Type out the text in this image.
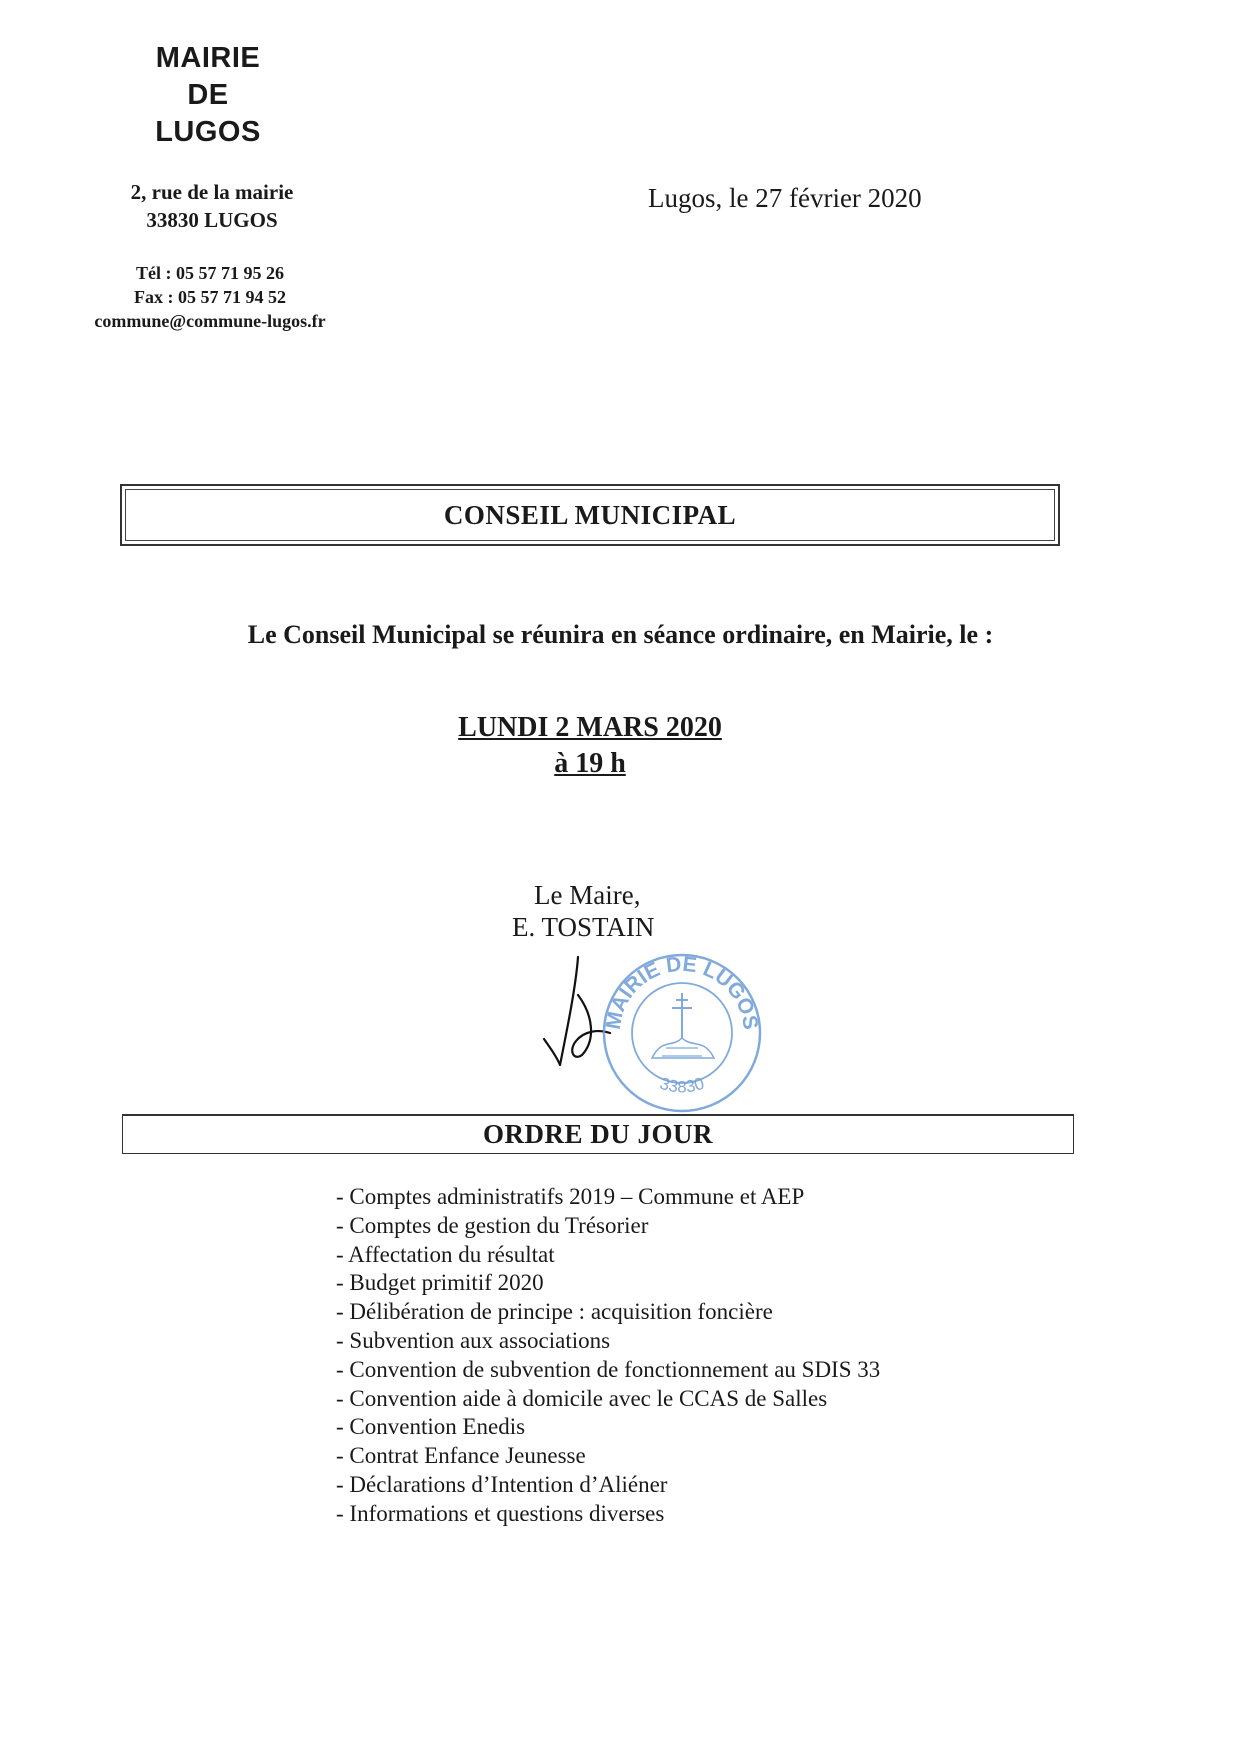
MAIRIE
DE
LUGOS
2, rue de la mairie
33830 LUGOS
Tél : 05 57 71 95 26
Fax : 05 57 71 94 52
commune@commune-lugos.fr
Lugos, le 27 février 2020
CONSEIL MUNICIPAL
Le Conseil Municipal se réunira en séance ordinaire, en Mairie, le :
LUNDI 2 MARS 2020
à 19 h
Le Maire,
E. TOSTAIN
MAIRIE DE LUGOS
33830
ORDRE DU JOUR
- Comptes administratifs 2019 – Commune et AEP
- Comptes de gestion du Trésorier
- Affectation du résultat
- Budget primitif 2020
- Délibération de principe : acquisition foncière
- Subvention aux associations
- Convention de subvention de fonctionnement au SDIS 33
- Convention aide à domicile avec le CCAS de Salles
- Convention Enedis
- Contrat Enfance Jeunesse
- Déclarations d’Intention d’Aliéner
- Informations et questions diverses
